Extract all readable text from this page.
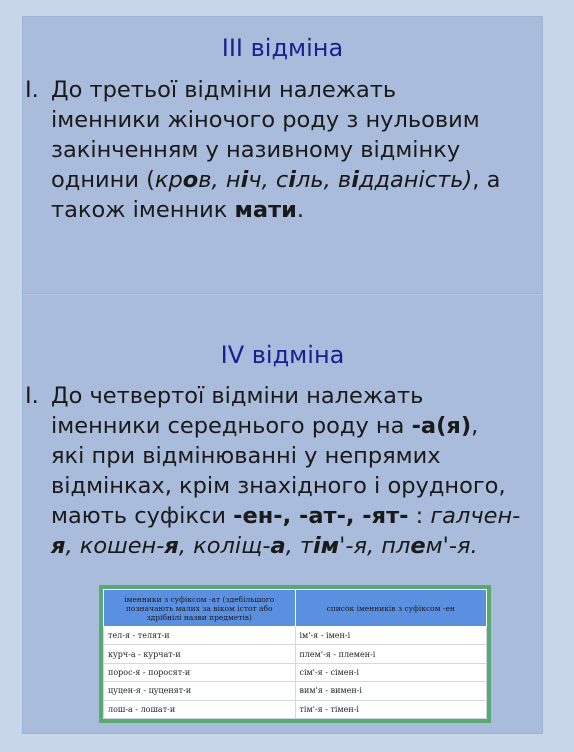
III відміна
I. До третьої відміни належать
іменники жіночого роду з нульовим
закінченням у називному відмінку
однини (кров, ніч, сіль, відданість), а
також іменник мати.
IV відміна
I. До четвертої відміни належать
іменники середнього роду на -а(я),
які при відмінюванні у непрямих
відмінках, крім знахідного і орудного,
мають суфікси -ен-, -ат-, -ят- : галчен-
я, кошен-я, коліщ-а, тім'-я, плем'-я.
іменники з суфіксом -ат (здебільшого позначають малих за віком істот або здрібнілі назви предметів)	список іменників з суфіксом -ен
тел-я - телят-и	ім'-я - імен-і
курч-а - курчат-и	плем'-я - племен-і
порос-я - поросят-и	сім'-я - сімен-і
цуцен-я - цуценят-и	вим'я - вимен-і
лош-а - лошат-и	тім'-я - тімен-і
